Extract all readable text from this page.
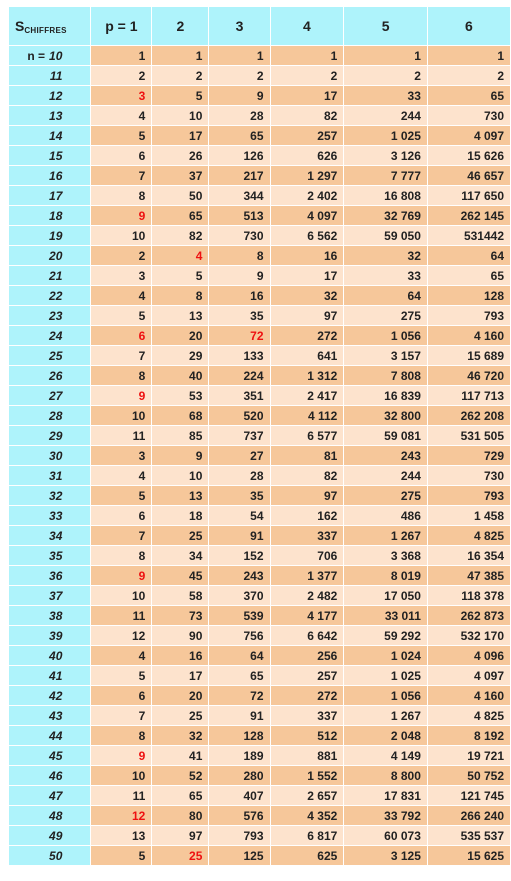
$S_{CHIFFRES}$	p = 1	2	3	4	5	6
n = 10	1	1	1	1	1	1
11	2	2	2	2	2	2
12	3	5	9	17	33	65
13	4	10	28	82	244	730
14	5	17	65	257	1 025	4 097
15	6	26	126	626	3 126	15 626
16	7	37	217	1 297	7 777	46 657
17	8	50	344	2 402	16 808	117 650
18	9	65	513	4 097	32 769	262 145
19	10	82	730	6 562	59 050	531442
20	2	4	8	16	32	64
21	3	5	9	17	33	65
22	4	8	16	32	64	128
23	5	13	35	97	275	793
24	6	20	72	272	1 056	4 160
25	7	29	133	641	3 157	15 689
26	8	40	224	1 312	7 808	46 720
27	9	53	351	2 417	16 839	117 713
28	10	68	520	4 112	32 800	262 208
29	11	85	737	6 577	59 081	531 505
30	3	9	27	81	243	729
31	4	10	28	82	244	730
32	5	13	35	97	275	793
33	6	18	54	162	486	1 458
34	7	25	91	337	1 267	4 825
35	8	34	152	706	3 368	16 354
36	9	45	243	1 377	8 019	47 385
37	10	58	370	2 482	17 050	118 378
38	11	73	539	4 177	33 011	262 873
39	12	90	756	6 642	59 292	532 170
40	4	16	64	256	1 024	4 096
41	5	17	65	257	1 025	4 097
42	6	20	72	272	1 056	4 160
43	7	25	91	337	1 267	4 825
44	8	32	128	512	2 048	8 192
45	9	41	189	881	4 149	19 721
46	10	52	280	1 552	8 800	50 752
47	11	65	407	2 657	17 831	121 745
48	12	80	576	4 352	33 792	266 240
49	13	97	793	6 817	60 073	535 537
50	5	25	125	625	3 125	15 625
